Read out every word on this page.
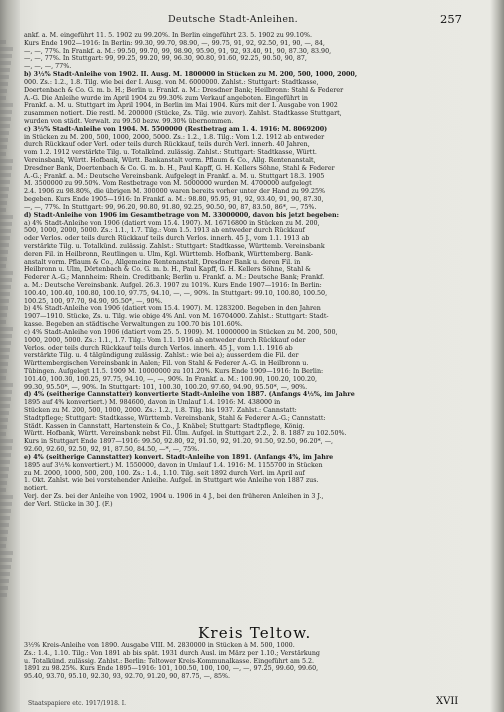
Deutsche Stadt-Anleihen.	257
ankf. a. M. eingeführt 11. 5. 1902 zu 99.20%. In Berlin eingeführt 23. 5. 1902 zu 99.10%.
Kurs Ende 1902—1916: In Berlin: 99.30, 99.70, 98.90, —, 99.75, 91, 92, 92.50, 91, 90, —, 84,
—, —, 77%. In Frankf. a. M.: 99.50, 99.70, 99, 98.90, 95.90, 91, 92, 93.40, 91, 90, 87.30, 83.90,
—, —, 77%. In Stuttgart: 99, 99.25, 99.20, 99, 96.30, 90.80, 91.60, 92.25, 90.50, 90, 87,
—, —, —, 77%.
b) 3½% Stadt-Anleihe von 1902. II. Ausg. M. 1800000 in Stücken zu M. 200, 500, 1000, 2000,
000. Zs.: 1.2., 1.8. Tilg. wie bei der I. Ausg. von M. 6000000. Zahlst.: Stuttgart: Stadtkasse,
Doertenbach & Co. G. m. b. H.; Berlin u. Frankf. a. M.: Dresdner Bank; Heilbronn: Stahl & Federer
A.-G. Die Anleihe wurde im April 1904 zu 99.30% zum Verkauf angeboten. Eingeführt in
Frankf. a. M. u. Stuttgart im April 1904, in Berlin im Mai 1904. Kurs mit der I. Ausgabe von 1902
zusammen notiert. Die restl. M. 200000 (Stücke, Zs. Tilg. wie zuvor). Zahlst. Stadtkasse Stuttgart,
wurden von städt. Verwalt. zu 99.50 bezw. 99.30% übernommen.
c) 3½% Stadt-Anleihe von 1904. M. 5500000 (Restbetrag am 1. 4. 1916: M. 8069200)
in Stücken zu M. 200, 500, 1000, 2000, 5000. Zs.: 1.2., 1.8. Tilg.: Vom 1.2. 1912 ab entweder
durch Rückkauf oder Verl. oder teils durch Rückkauf, teils durch Verl. innerh. 40 Jahren,
vom 1.2. 1912 verstärkte Tilg. u. Totalkünd. zulässig. Zahlst.: Stuttgart: Stadtkasse, Württ.
Vereinsbank, Württ. Hofbank, Württ. Bankanstalt vorm. Pflaum & Co., Allg. Rentenanstalt,
Dresdner Bank, Doertenbach & Co. G. m. b. H., Paul Kapff, G. H. Kellers Söhne, Stahl & Federer
A.-G.; Frankf. a. M.: Deutsche Vereinsbank. Aufgelegt in Frankf. a. M. u. Stuttgart 18.3. 1905
M. 3500000 zu 99.50%. Vom Restbetrage von M. 5000000 wurden M. 4700000 aufgelegt
2.4. 1906 zu 98.80%, die übrigen M. 300000 waren bereits vorher unter der Hand zu 99.25%
begeben. Kurs Ende 1905—1916: In Frankf. a. M.: 98.80, 95.95, 91, 92, 93.40, 91, 90, 87.30,
—, —, 77%. In Stuttgart: 99, 96.20, 90.80, 91.80, 92.25, 90.50, 90, 87, 83.50, 86*, —, 75%.
d) Stadt-Anleihe von 1906 im Gesamtbetrage von M. 33000000, davon bis jetzt begeben:
a) 4% Stadt-Anleihe von 1906 (datiert vom 15.4. 1907). M. 16716800 in Stücken zu M. 200,
500, 1000, 2000, 5000. Zs.: 1.1., 1.7. Tilg.: Vom 1.5. 1913 ab entweder durch Rückkauf
oder Verlos. oder teils durch Rückkauf teils durch Verlos. innerh. 45 J., vom 1.1. 1913 ab
verstärkte Tilg. u. Totalkünd. zulässig. Zahlst.: Stuttgart: Stadtkasse, Württemb. Vereinsbank
deren Fil. in Heilbronn, Reutlingen u. Ulm, Kgl. Württemb. Hofbank, Württemberg. Bank-
anstalt vorm. Pflaum & Co., Allgemeine Rentenanstalt, Dresdner Bank u. deren Fil. in
Heilbronn u. Ulm, Dörtenbach & Co. G. m. b. H., Paul Kapff, G. H. Kellers Söhne, Stahl &
Federer A.-G.; Mannheim: Rhein. Creditbank; Berlin u. Frankf. a. M.: Deutsche Bank; Frankf.
a. M.: Deutsche Vereinsbank. Aufgel. 26.3. 1907 zu 101%. Kurs Ende 1907—1916: In Berlin:
100.40, 100.40, 100.80, 100.10, 97.75, 94.10, —, —, 90%. In Stuttgart: 99.10, 100.80, 100.50,
100.25, 100, 97.70, 94.90, 95.50*, —, 90%.
b) 4% Stadt-Anleihe von 1906 (datiert vom 15.4. 1907). M. 1283200. Begeben in den Jahren
1907—1910. Stücke, Zs. u. Tilg. wie obige 4% Anl. von M. 16704000. Zahlst.: Stuttgart: Stadt-
kasse. Begeben an städtische Verwaltungen zu 100.70 bis 101.60%.
c) 4% Stadt-Anleihe von 1906 (datiert vom 25. 5. 1909). M. 10000000 in Stücken zu M. 200, 500,
1000, 2000, 5000. Zs.: 1.1., 1.7. Tilg.: Vom 1.1. 1916 ab entweder durch Rückkauf oder
Verlos. oder teils durch Rückkauf teils durch Verlos. innerh. 45 J., vom 1.1. 1916 ab
verstärkte Tilg. u. 4 tälgündigung zulässig. Zahlst.: wie bei a); ausserdem die Fil. der
Württembergischen Vereinsbank in Aalen; Fil. von Stahl & Federer A.-G. in Heilbronn u.
Tübingen. Aufgelegt 11.5. 1909 M. 10000000 zu 101.20%. Kurs Ende 1909—1916: In Berlin:
101.40, 100.30, 100.25, 97.75, 94.10, —, —, 90%. In Frankf. a. M.: 100.90, 100.20, 100.20,
99.30, 95.50*, —, 90%. In Stuttgart: 101, 100.30, 100.20, 97.60, 94.90, 95.50*, —, 90%.
d) 4% (seitherige Cannstatter) konvertierte Stadt-Anleihe von 1887. (Anfangs 4½%, im Jahre
1895 auf 4% konvertiert.) M. 984600, davon in Umlauf 1.4. 1916: M. 438000 in
Stücken zu M. 200, 500, 1000, 2000. Zs.: 1.2., 1.8. Tilg. bis 1937. Zahlst.: Cannstatt:
Stadtpflege; Stuttgart: Stadtkasse, Württemb. Vereinsbank, Stahl & Federer A.-G.; Cannstatt:
Städt. Kassen in Cannstatt, Hartenstein & Co., J. Knäbel; Stuttgart: Stadtpflege, König.
Württ. Hofbank, Württ. Vereinsbank nebst Fil. Ulm. Aufgel. in Stuttgart 2.2., 2. 8. 1887 zu 102.50%.
Kurs in Stuttgart Ende 1897—1916: 99.50, 92.80, 92, 91.50, 92, 91.20, 91.50, 92.50, 96.20*, —,
92.60, 92.60, 92.50, 92, 91, 87.50, 84.50, —*, —, 75%.
e) 4% (seitherige Cannstatter) konvert. Stadt-Anleihe von 1891. (Anfangs 4%, im Jahre
1895 auf 3½% konvertiert.) M. 1550000, davon in Umlauf 1.4. 1916: M. 1155700 in Stücken
zu M. 2000, 1000, 500, 200, 100. Zs.: 1.4., 1.10. Tilg. seit 1892 durch Verl. im April auf
1. Okt. Zahlst. wie bei vorstehender Anleihe. Aufgel. in Stuttgart wie Anleihe von 1887 zus.
notiert.
Verj. der Zs. bei der Anleihe von 1902, 1904 u. 1906 in 4 J., bei den früheren Anleihen in 3 J.,
der Verl. Stücke in 30 J. (F.)
Kreis Teltow.
3½% Kreis-Anleihe von 1890. Ausgabe VIII. M. 2830000 in Stücken à M. 500, 1000.
Zs.: 1.4., 1.10. Tilg.: Von 1891 ab bis spät. 1931 durch Ausl. im März per 1.10.; Verstärkung
u. Totalkünd. zulässig. Zahlst.: Berlin: Teltower Kreis-Kommunalkasse. Eingeführt am 5.2.
1891 zu 98.25%. Kurs Ende 1895—1916: 101, 100.50, 100, 100, —, —, 97.25, 99.60, 99.60,
95.40, 93.70, 95.10, 92.30, 93, 92.70, 91.20, 90, 87.75, —, 85%.
Staatspapiere etc. 1917/1918. I.	XVII
